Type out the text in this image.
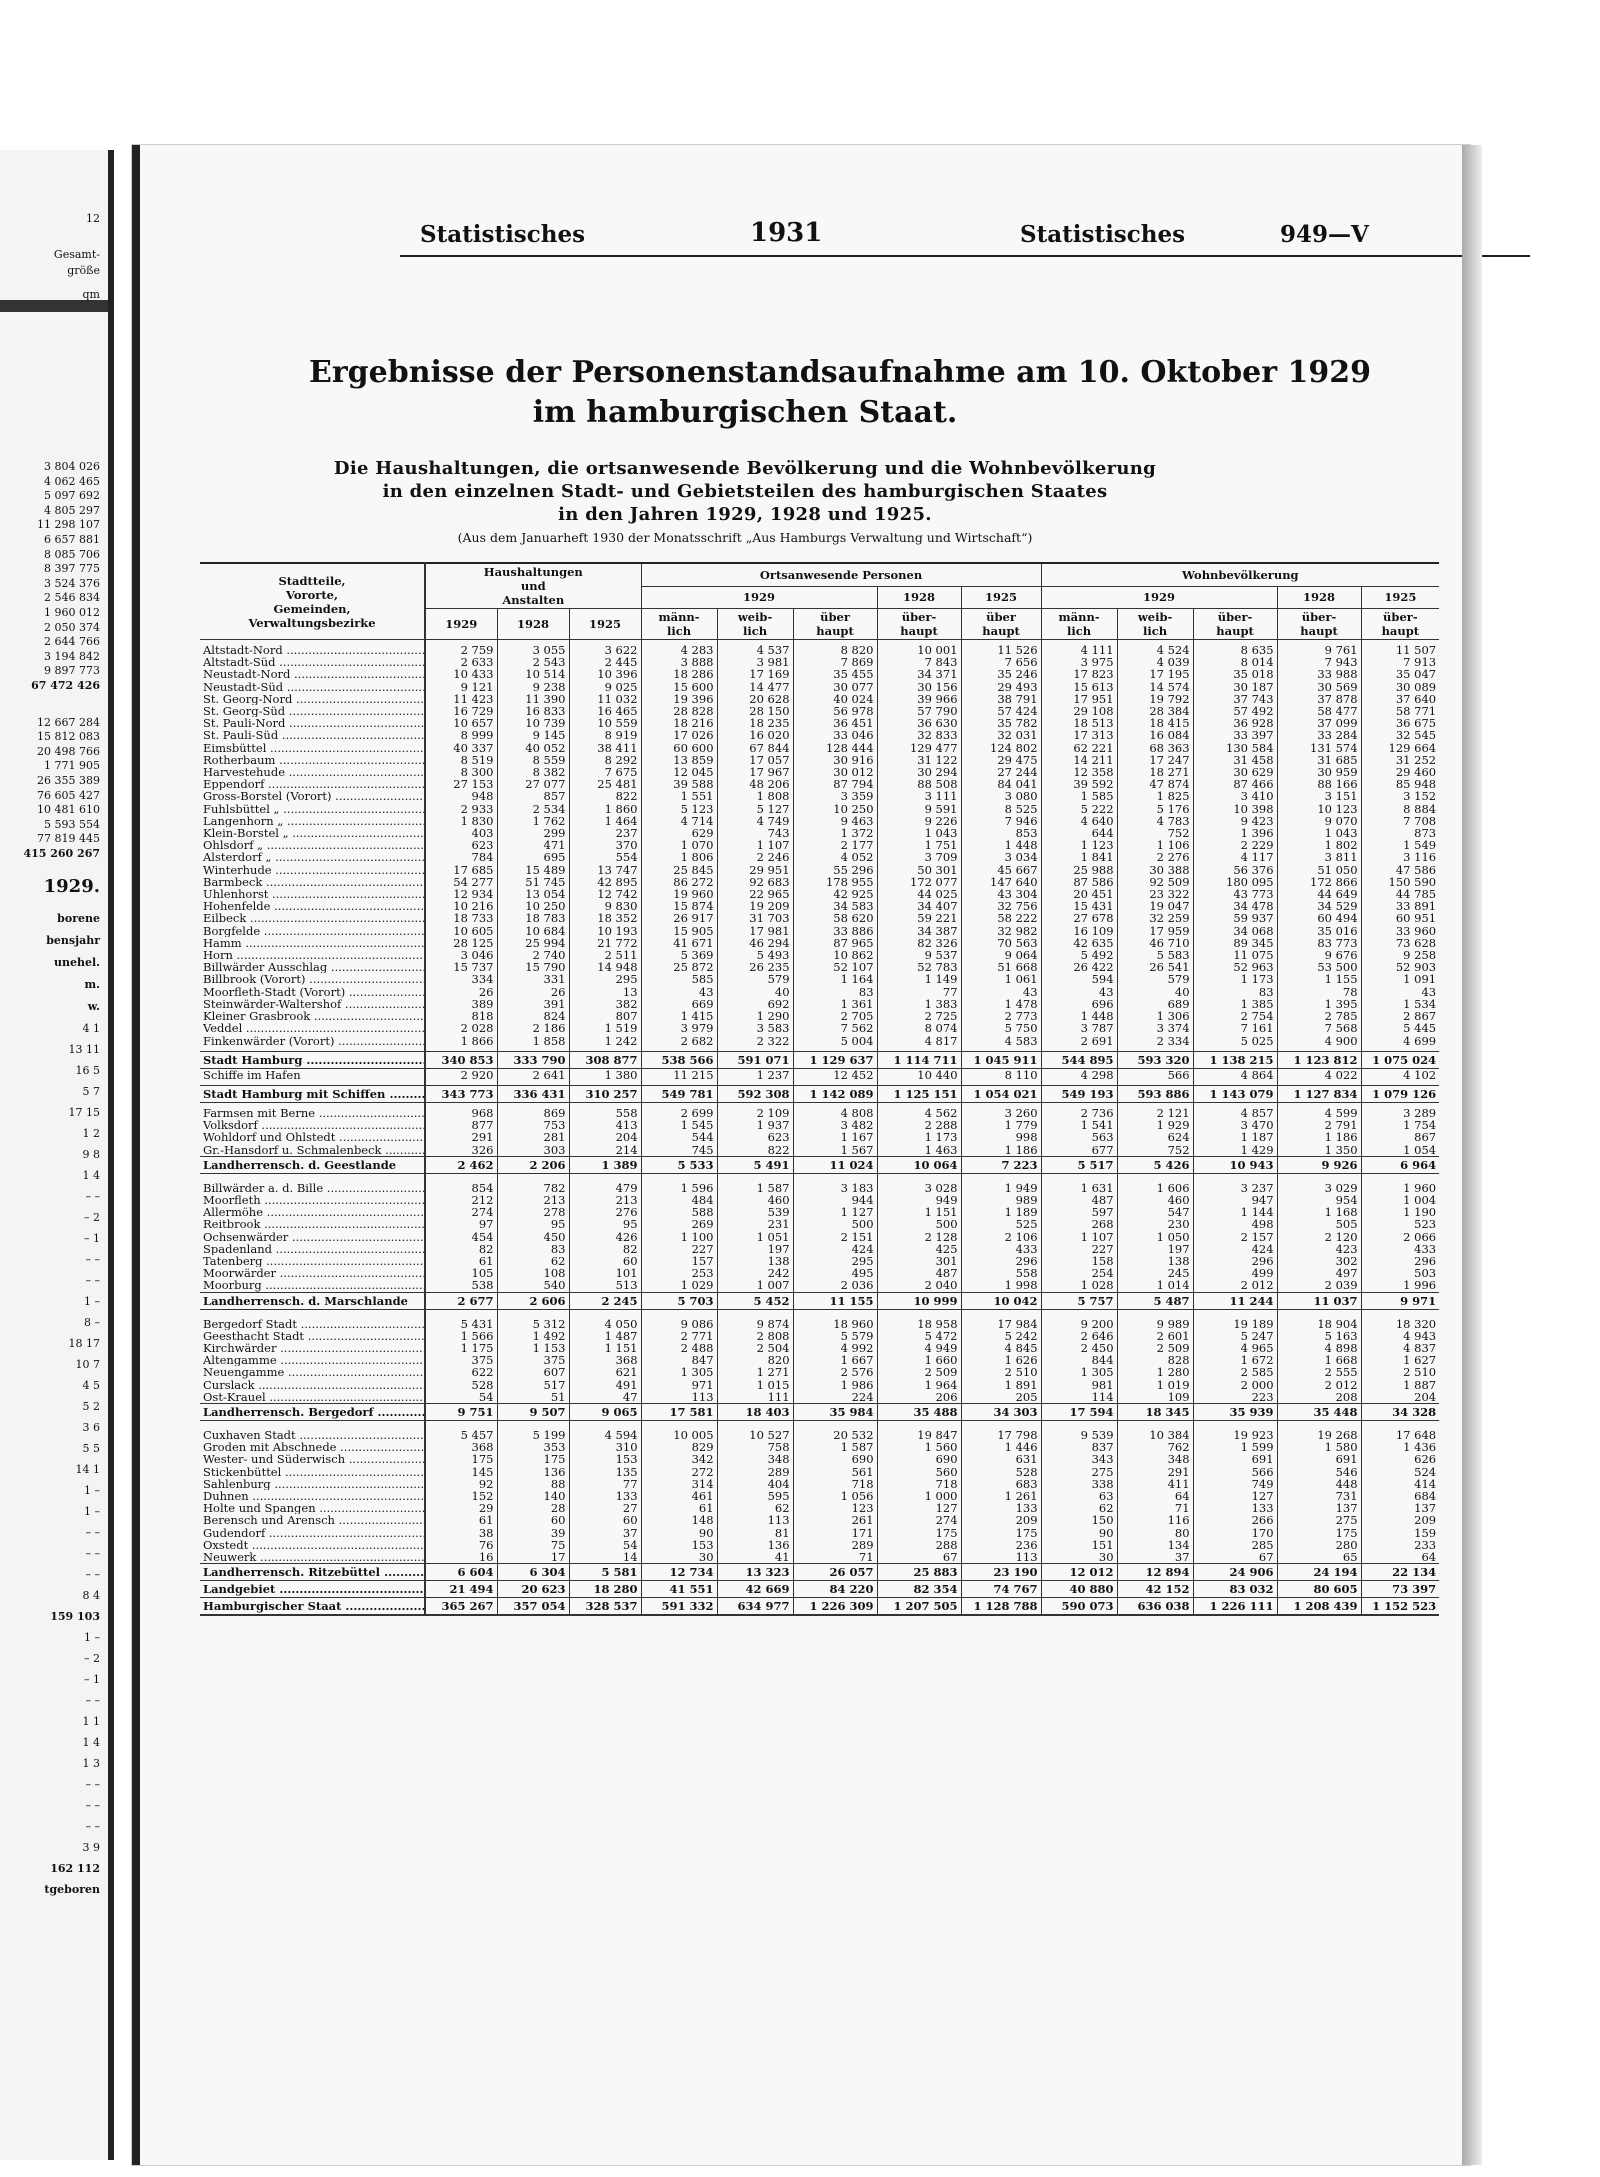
12
Gesamt-
größe
qm
3 804 026
4 062 465
5 097 692
4 805 297
11 298 107
6 657 881
8 085 706
8 397 775
3 524 376
2 546 834
1 960 012
2 050 374
2 644 766
3 194 842
9 897 773
67 472 426
12 667 284
15 812 083
20 498 766
1 771 905
26 355 389
76 605 427
10 481 610
5 593 554
77 819 445
415 260 267
1929.
borene
bensjahr
unehel.
m.
w.
4 1
13 11
16 5
5 7
17 15
1 2
9 8
1 4
– –
– 2
– 1
– –
– –
1 –
8 –
18 17
10 7
4 5
5 2
3 6
5 5
14 1
1 –
1 –
– –
– –
– –
8 4
159 103
1 –
– 2
– 1
– –
1 1
1 4
1 3
– –
– –
– –
3 9
162 112
tgeboren
Statistisches	1931	Statistisches	949—V
Ergebnisse der Personenstandsaufnahme am 10. Oktober 1929
im hamburgischen Staat.
Die Haushaltungen, die ortsanwesende Bevölkerung und die Wohnbevölkerung
in den einzelnen Stadt- und Gebietsteilen des hamburgischen Staates
in den Jahren 1929, 1928 und 1925.
(Aus dem Januarheft 1930 der Monatsschrift „Aus Hamburgs Verwaltung und Wirtschaft“)
Stadtteile,
Vororte,
Gemeinden,
Verwaltungsbezirke	Haushaltungen
und
Anstalten			Ortsanwesende Personen					Wohnbevölkerung				
				1929			1928	1925	1929			1928	1925
	1929	1928	1925	männ-
lich	weib-
lich	über
haupt	über-
haupt	über
haupt	männ-
lich	weib-
lich	über-
haupt	über-
haupt	über-
haupt

Altstadt-Nord .....	2 759	3 055	3 622	4 283	4 537	8 820	10 001	11 526	4 111	4 524	8 635	9 761	11 507
Altstadt-Süd .....	2 633	2 543	2 445	3 888	3 981	7 869	7 843	7 656	3 975	4 039	8 014	7 943	7 913
Neustadt-Nord .....	10 433	10 514	10 396	18 286	17 169	35 455	34 371	35 246	17 823	17 195	35 018	33 988	35 047
Neustadt-Süd .....	9 121	9 238	9 025	15 600	14 477	30 077	30 156	29 493	15 613	14 574	30 187	30 569	30 089
St. Georg-Nord .....	11 423	11 390	11 032	19 396	20 628	40 024	39 966	38 791	17 951	19 792	37 743	37 878	37 640
St. Georg-Süd .....	16 729	16 833	16 465	28 828	28 150	56 978	57 790	57 424	29 108	28 384	57 492	58 477	58 771
St. Pauli-Nord .....	10 657	10 739	10 559	18 216	18 235	36 451	36 630	35 782	18 513	18 415	36 928	37 099	36 675
St. Pauli-Süd .....	8 999	9 145	8 919	17 026	16 020	33 046	32 833	32 031	17 313	16 084	33 397	33 284	32 545
Eimsbüttel .....	40 337	40 052	38 411	60 600	67 844	128 444	129 477	124 802	62 221	68 363	130 584	131 574	129 664
Rotherbaum .....	8 519	8 559	8 292	13 859	17 057	30 916	31 122	29 475	14 211	17 247	31 458	31 685	31 252
Harvestehude .....	8 300	8 382	7 675	12 045	17 967	30 012	30 294	27 244	12 358	18 271	30 629	30 959	29 460
Eppendorf .....	27 153	27 077	25 481	39 588	48 206	87 794	88 508	84 041	39 592	47 874	87 466	88 166	85 948
Gross-Borstel (Vorort) .....	948	857	822	1 551	1 808	3 359	3 111	3 080	1 585	1 825	3 410	3 151	3 152
Fuhlsbüttel „ .....	2 933	2 534	1 860	5 123	5 127	10 250	9 591	8 525	5 222	5 176	10 398	10 123	8 884
Langenhorn „ .....	1 830	1 762	1 464	4 714	4 749	9 463	9 226	7 946	4 640	4 783	9 423	9 070	7 708
Klein-Borstel „ .....	403	299	237	629	743	1 372	1 043	853	644	752	1 396	1 043	873
Ohlsdorf „ .....	623	471	370	1 070	1 107	2 177	1 751	1 448	1 123	1 106	2 229	1 802	1 549
Alsterdorf „ .....	784	695	554	1 806	2 246	4 052	3 709	3 034	1 841	2 276	4 117	3 811	3 116
Winterhude .....	17 685	15 489	13 747	25 845	29 951	55 296	50 301	45 667	25 988	30 388	56 376	51 050	47 586
Barmbeck .....	54 277	51 745	42 895	86 272	92 683	178 955	172 077	147 640	87 586	92 509	180 095	172 866	150 590
Uhlenhorst .....	12 934	13 054	12 742	19 960	22 965	42 925	44 025	43 304	20 451	23 322	43 773	44 649	44 785
Hohenfelde .....	10 216	10 250	9 830	15 874	19 209	34 583	34 407	32 756	15 431	19 047	34 478	34 529	33 891
Eilbeck .....	18 733	18 783	18 352	26 917	31 703	58 620	59 221	58 222	27 678	32 259	59 937	60 494	60 951
Borgfelde .....	10 605	10 684	10 193	15 905	17 981	33 886	34 387	32 982	16 109	17 959	34 068	35 016	33 960
Hamm .....	28 125	25 994	21 772	41 671	46 294	87 965	82 326	70 563	42 635	46 710	89 345	83 773	73 628
Horn .....	3 046	2 740	2 511	5 369	5 493	10 862	9 537	9 064	5 492	5 583	11 075	9 676	9 258
Billwärder Ausschlag .....	15 737	15 790	14 948	25 872	26 235	52 107	52 783	51 668	26 422	26 541	52 963	53 500	52 903
Billbrook (Vorort) .....	334	331	295	585	579	1 164	1 149	1 061	594	579	1 173	1 155	1 091
Moorfleth-Stadt (Vorort) .....	26	26	13	43	40	83	77	43	43	40	83	78	43
Steinwärder-Waltershof .....	389	391	382	669	692	1 361	1 383	1 478	696	689	1 385	1 395	1 534
Kleiner Grasbrook .....	818	824	807	1 415	1 290	2 705	2 725	2 773	1 448	1 306	2 754	2 785	2 867
Veddel .....	2 028	2 186	1 519	3 979	3 583	7 562	8 074	5 750	3 787	3 374	7 161	7 568	5 445
Finkenwärder (Vorort) .....	1 866	1 858	1 242	2 682	2 322	5 004	4 817	4 583	2 691	2 334	5 025	4 900	4 699

Stadt Hamburg .....	340 853	333 790	308 877	538 566	591 071	1 129 637	1 114 711	1 045 911	544 895	593 320	1 138 215	1 123 812	1 075 024
Schiffe im Hafen	2 920	2 641	1 380	11 215	1 237	12 452	10 440	8 110	4 298	566	4 864	4 022	4 102

Stadt Hamburg mit Schiffen .....	343 773	336 431	310 257	549 781	592 308	1 142 089	1 125 151	1 054 021	549 193	593 886	1 143 079	1 127 834	1 079 126

Farmsen mit Berne .....	968	869	558	2 699	2 109	4 808	4 562	3 260	2 736	2 121	4 857	4 599	3 289
Volksdorf .....	877	753	413	1 545	1 937	3 482	2 288	1 779	1 541	1 929	3 470	2 791	1 754
Wohldorf und Ohlstedt .....	291	281	204	544	623	1 167	1 173	998	563	624	1 187	1 186	867
Gr.-Hansdorf u. Schmalenbeck .....	326	303	214	745	822	1 567	1 463	1 186	677	752	1 429	1 350	1 054
Landherrensch. d. Geestlande	2 462	2 206	1 389	5 533	5 491	11 024	10 064	7 223	5 517	5 426	10 943	9 926	6 964

Billwärder a. d. Bille .....	854	782	479	1 596	1 587	3 183	3 028	1 949	1 631	1 606	3 237	3 029	1 960
Moorfleth .....	212	213	213	484	460	944	949	989	487	460	947	954	1 004
Allermöhe .....	274	278	276	588	539	1 127	1 151	1 189	597	547	1 144	1 168	1 190
Reitbrook .....	97	95	95	269	231	500	500	525	268	230	498	505	523
Ochsenwärder .....	454	450	426	1 100	1 051	2 151	2 128	2 106	1 107	1 050	2 157	2 120	2 066
Spadenland .....	82	83	82	227	197	424	425	433	227	197	424	423	433
Tatenberg .....	61	62	60	157	138	295	301	296	158	138	296	302	296
Moorwärder .....	105	108	101	253	242	495	487	558	254	245	499	497	503
Moorburg .....	538	540	513	1 029	1 007	2 036	2 040	1 998	1 028	1 014	2 012	2 039	1 996
Landherrensch. d. Marschlande	2 677	2 606	2 245	5 703	5 452	11 155	10 999	10 042	5 757	5 487	11 244	11 037	9 971

Bergedorf Stadt .....	5 431	5 312	4 050	9 086	9 874	18 960	18 958	17 984	9 200	9 989	19 189	18 904	18 320
Geesthacht Stadt .....	1 566	1 492	1 487	2 771	2 808	5 579	5 472	5 242	2 646	2 601	5 247	5 163	4 943
Kirchwärder .....	1 175	1 153	1 151	2 488	2 504	4 992	4 949	4 845	2 450	2 509	4 965	4 898	4 837
Altengamme .....	375	375	368	847	820	1 667	1 660	1 626	844	828	1 672	1 668	1 627
Neuengamme .....	622	607	621	1 305	1 271	2 576	2 509	2 510	1 305	1 280	2 585	2 555	2 510
Curslack .....	528	517	491	971	1 015	1 986	1 964	1 891	981	1 019	2 000	2 012	1 887
Ost-Krauel .....	54	51	47	113	111	224	206	205	114	109	223	208	204
Landherrensch. Bergedorf .....	9 751	9 507	9 065	17 581	18 403	35 984	35 488	34 303	17 594	18 345	35 939	35 448	34 328

Cuxhaven Stadt .....	5 457	5 199	4 594	10 005	10 527	20 532	19 847	17 798	9 539	10 384	19 923	19 268	17 648
Groden mit Abschnede .....	368	353	310	829	758	1 587	1 560	1 446	837	762	1 599	1 580	1 436
Wester- und Süderwisch .....	175	175	153	342	348	690	690	631	343	348	691	691	626
Stickenbüttel .....	145	136	135	272	289	561	560	528	275	291	566	546	524
Sahlenburg .....	92	88	77	314	404	718	718	683	338	411	749	448	414
Duhnen .....	152	140	133	461	595	1 056	1 000	1 261	63	64	127	731	684
Holte und Spangen .....	29	28	27	61	62	123	127	133	62	71	133	137	137
Berensch und Arensch .....	61	60	60	148	113	261	274	209	150	116	266	275	209
Gudendorf .....	38	39	37	90	81	171	175	175	90	80	170	175	159
Oxstedt .....	76	75	54	153	136	289	288	236	151	134	285	280	233
Neuwerk .....	16	17	14	30	41	71	67	113	30	37	67	65	64
Landherrensch. Ritzebüttel .....	6 604	6 304	5 581	12 734	13 323	26 057	25 883	23 190	12 012	12 894	24 906	24 194	22 134
Landgebiet .....	21 494	20 623	18 280	41 551	42 669	84 220	82 354	74 767	40 880	42 152	83 032	80 605	73 397
Hamburgischer Staat .....	365 267	357 054	328 537	591 332	634 977	1 226 309	1 207 505	1 128 788	590 073	636 038	1 226 111	1 208 439	1 152 523
